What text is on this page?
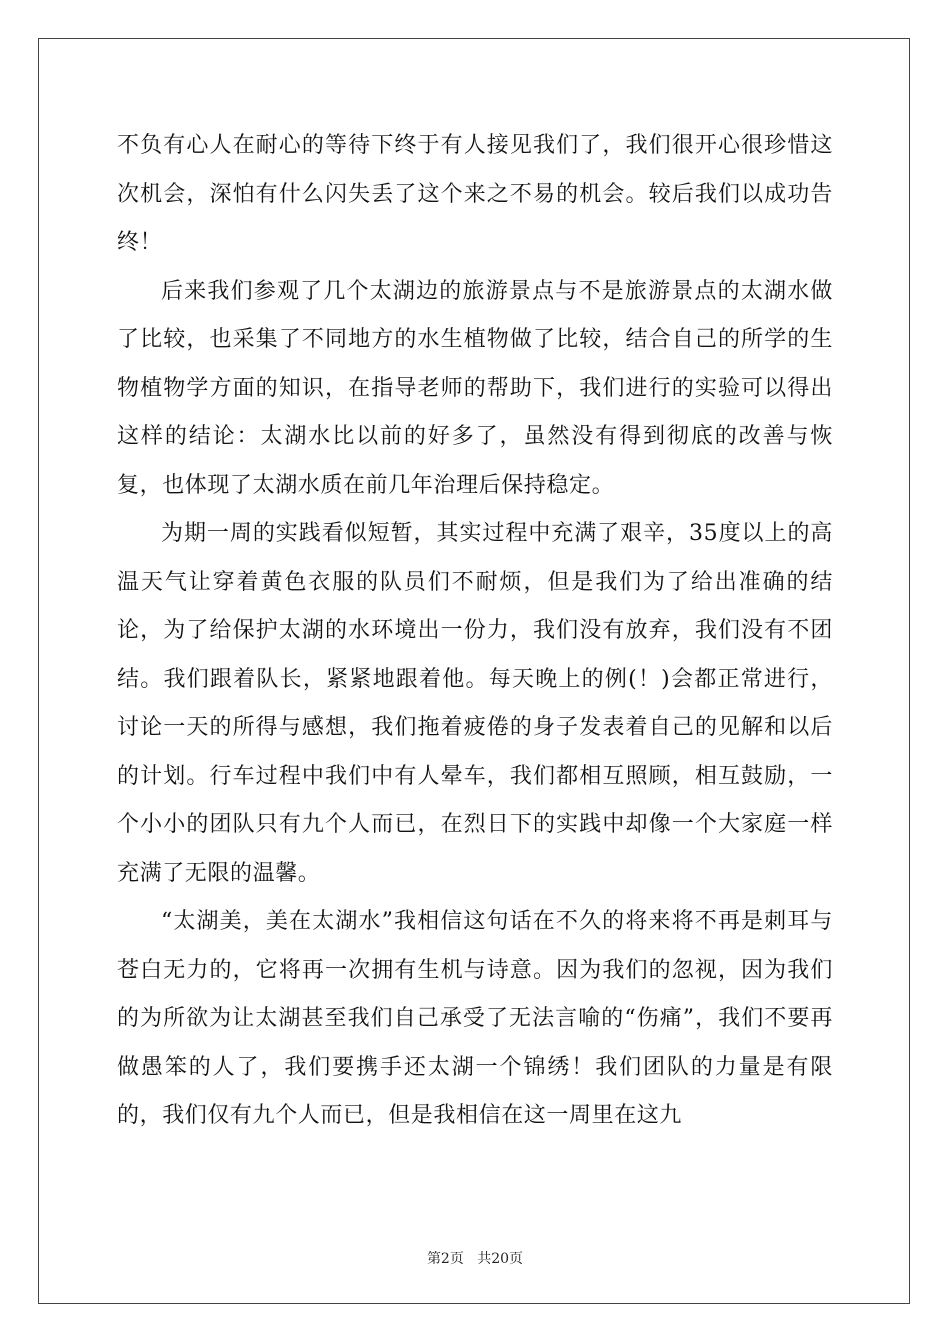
不负有心人在耐心的等待下终于有人接见我们了，我们很开心很珍惜这次机会，深怕有什么闪失丢了这个来之不易的机会。较后我们以成功告终！

后来我们参观了几个太湖边的旅游景点与不是旅游景点的太湖水做了比较，也采集了不同地方的水生植物做了比较，结合自己的所学的生物植物学方面的知识，在指导老师的帮助下，我们进行的实验可以得出这样的结论：太湖水比以前的好多了，虽然没有得到彻底的改善与恢复，也体现了太湖水质在前几年治理后保持稳定。

为期一周的实践看似短暂，其实过程中充满了艰辛，35度以上的高温天气让穿着黄色衣服的队员们不耐烦，但是我们为了给出准确的结论，为了给保护太湖的水环境出一份力，我们没有放弃，我们没有不团结。我们跟着队长，紧紧地跟着他。每天晚上的例(！)会都正常进行，讨论一天的所得与感想，我们拖着疲倦的身子发表着自己的见解和以后的计划。行车过程中我们中有人晕车，我们都相互照顾，相互鼓励，一个小小的团队只有九个人而已，在烈日下的实践中却像一个大家庭一样充满了无限的温馨。

“太湖美，美在太湖水”我相信这句话在不久的将来将不再是刺耳与苍白无力的，它将再一次拥有生机与诗意。因为我们的忽视，因为我们的为所欲为让太湖甚至我们自己承受了无法言喻的“伤痛”，我们不要再做愚笨的人了，我们要携手还太湖一个锦绣！我们团队的力量是有限的，我们仅有九个人而已，但是我相信在这一周里在这九

第2页 共20页
